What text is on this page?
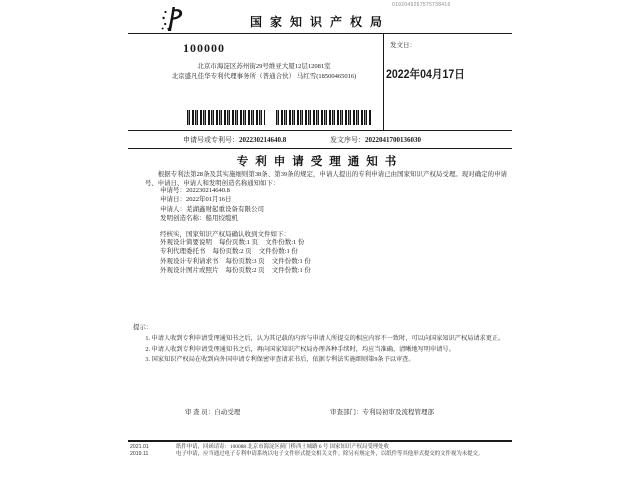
国家知识产权局
0192049267575738416
100000
北京市海淀区苏州街29号维亚大厦12层12081室
北京盛凡佳华专利代理事务所（普通合伙） 马红雪(18500465016)
发文日：
2022年04月17日
申请号或专利号：202230214640.8	发文序号：2022041700136030
专利申请受理通知书
根据专利法第28条及其实施细则第38条、第39条的规定，申请人提出的专利申请已由国家知识产权局受理。现对确定的申请号、申请日、申请人和发明创造名称通知如下：
申请号：202230214640.8
申请日：2022年01月16日
申请人：芜湖鑫财起重设备有限公司
发明创造名称：船用绞缆机
经核实，国家知识产权局确认收到文件如下：
外观设计简要说明 每份页数:1 页 文件份数:1 份
专利代理委托书 每份页数:2 页 文件份数:1 份
外观设计专利请求书 每份页数:3 页 文件份数:1 份
外观设计图片或照片 每份页数:2 页 文件份数:1 份
提示：

1. 申请人收到专利申请受理通知书之后，认为其记载的内容与申请人所提交的相应内容不一致时，可以向国家知识产权局请求更正。

2. 申请人收到专利申请受理通知书之后，再向国家知识产权局办理各种手续时，均应当准确、清晰地写明申请号。

3. 国家知识产权局在收到向外国申请专利保密审查请求书后，依据专利法实施细则第9条予以审查。

审 查 员：自动受理	审查部门：专利局初审及流程管理部
2021.01
2019.11

纸件申请，回函请寄：100088 北京市海淀区蓟门桥西土城路 6 号 国家知识产权局受理处收

电子申请，应当通过电子专利申请系统以电子文件形式提交相关文件。除另有规定外，以纸件等其他形式提交的文件视为未提交。
